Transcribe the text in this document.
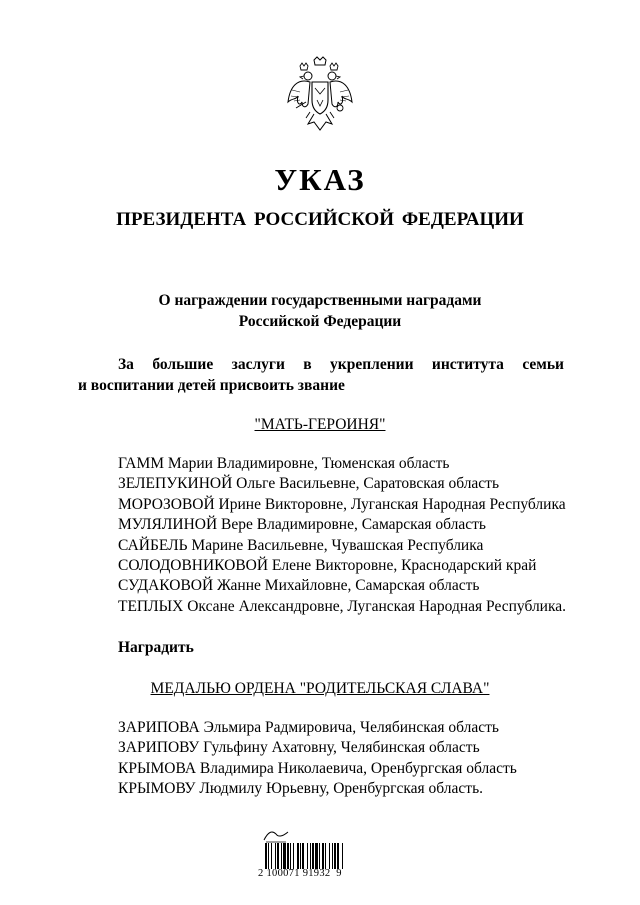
УКАЗ
ПРЕЗИДЕНТА РОССИЙСКОЙ ФЕДЕРАЦИИ
О награждении государственными наградами
Российской Федерации
За большие заслуги в укреплении института семьи
и воспитании детей присвоить звание
"МАТЬ-ГЕРОИНЯ"
ГАММ Марии Владимировне, Тюменская область
ЗЕЛЕПУКИНОЙ Ольге Васильевне, Саратовская область
МОРОЗОВОЙ Ирине Викторовне, Луганская Народная Республика
МУЛЯЛИНОЙ Вере Владимировне, Самарская область
САЙБЕЛЬ Марине Васильевне, Чувашская Республика
СОЛОДОВНИКОВОЙ Елене Викторовне, Краснодарский край
СУДАКОВОЙ Жанне Михайловне, Самарская область
ТЕПЛЫХ Оксане Александровне, Луганская Народная Республика.
Наградить
МЕДАЛЬЮ ОРДЕНА "РОДИТЕЛЬСКАЯ СЛАВА"
ЗАРИПОВА Эльмира Радмировича, Челябинская область
ЗАРИПОВУ Гульфину Ахатовну, Челябинская область
КРЫМОВА Владимира Николаевича, Оренбургская область
КРЫМОВУ Людмилу Юрьевну, Оренбургская область.
2 100071 91932  9
